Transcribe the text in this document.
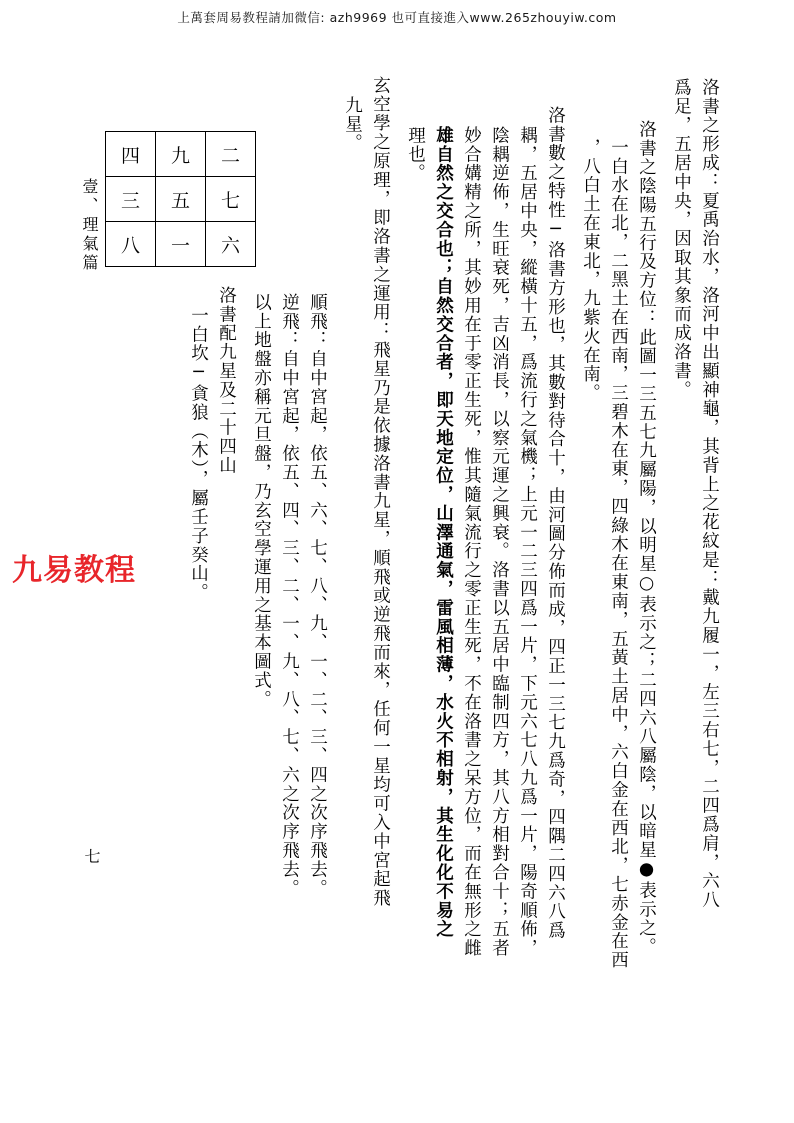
上萬套周易教程請加微信: azh9969 也可直接進入www.265zhouyiw.com
洛書之形成：夏禹治水，洛河中出顯神龜，其背上之花紋是：戴九履一，左三右七，二四爲肩，六八
爲足，五居中央，因取其象而成洛書。
洛書之陰陽五行及方位：此圖一三五七九屬陽，以明星○表示之；二四六八屬陰，以暗星●表示之。
一白水在北，二黑土在西南，三碧木在東，四綠木在東南，五黃土居中，六白金在西北，七赤金在西
，八白土在東北，九紫火在南。
洛書數之特性─洛書方形也，其數對待合十，由河圖分佈而成，四正一三七九爲奇，四隅二四六八爲
耦，五居中央，縱橫十五，爲流行之氣機；上元一二三四爲一片，下元六七八九爲一片，陽奇順佈，
陰耦逆佈，生旺衰死，吉凶消長，以察元運之興衰。洛書以五居中臨制四方，其八方相對合十；五者
妙合媾精之所，其妙用在于零正生死，惟其隨氣流行之零正生死，不在洛書之呆方位，而在無形之雌
雄自然之交合也；自然交合者，即天地定位，山澤通氣，雷風相薄，水火不相射，其生化化不易之
理也。
玄空學之原理，即洛書之運用：飛星乃是依據洛書九星，順飛或逆飛而來，任何一星均可入中宮起飛
九星。
順飛：自中宮起，依五、六、七、八、九、一、二、三、四之次序飛去。
逆飛：自中宮起，依五、四、三、二、一、九、八、七、六之次序飛去。
以上地盤亦稱元旦盤，乃玄空學運用之基本圖式。
洛書配九星及二十四山
一白坎─貪狼（木），屬壬子癸山。
四	九	二
三	五	七
八	一	六
壹、理氣篇
七
九易教程
